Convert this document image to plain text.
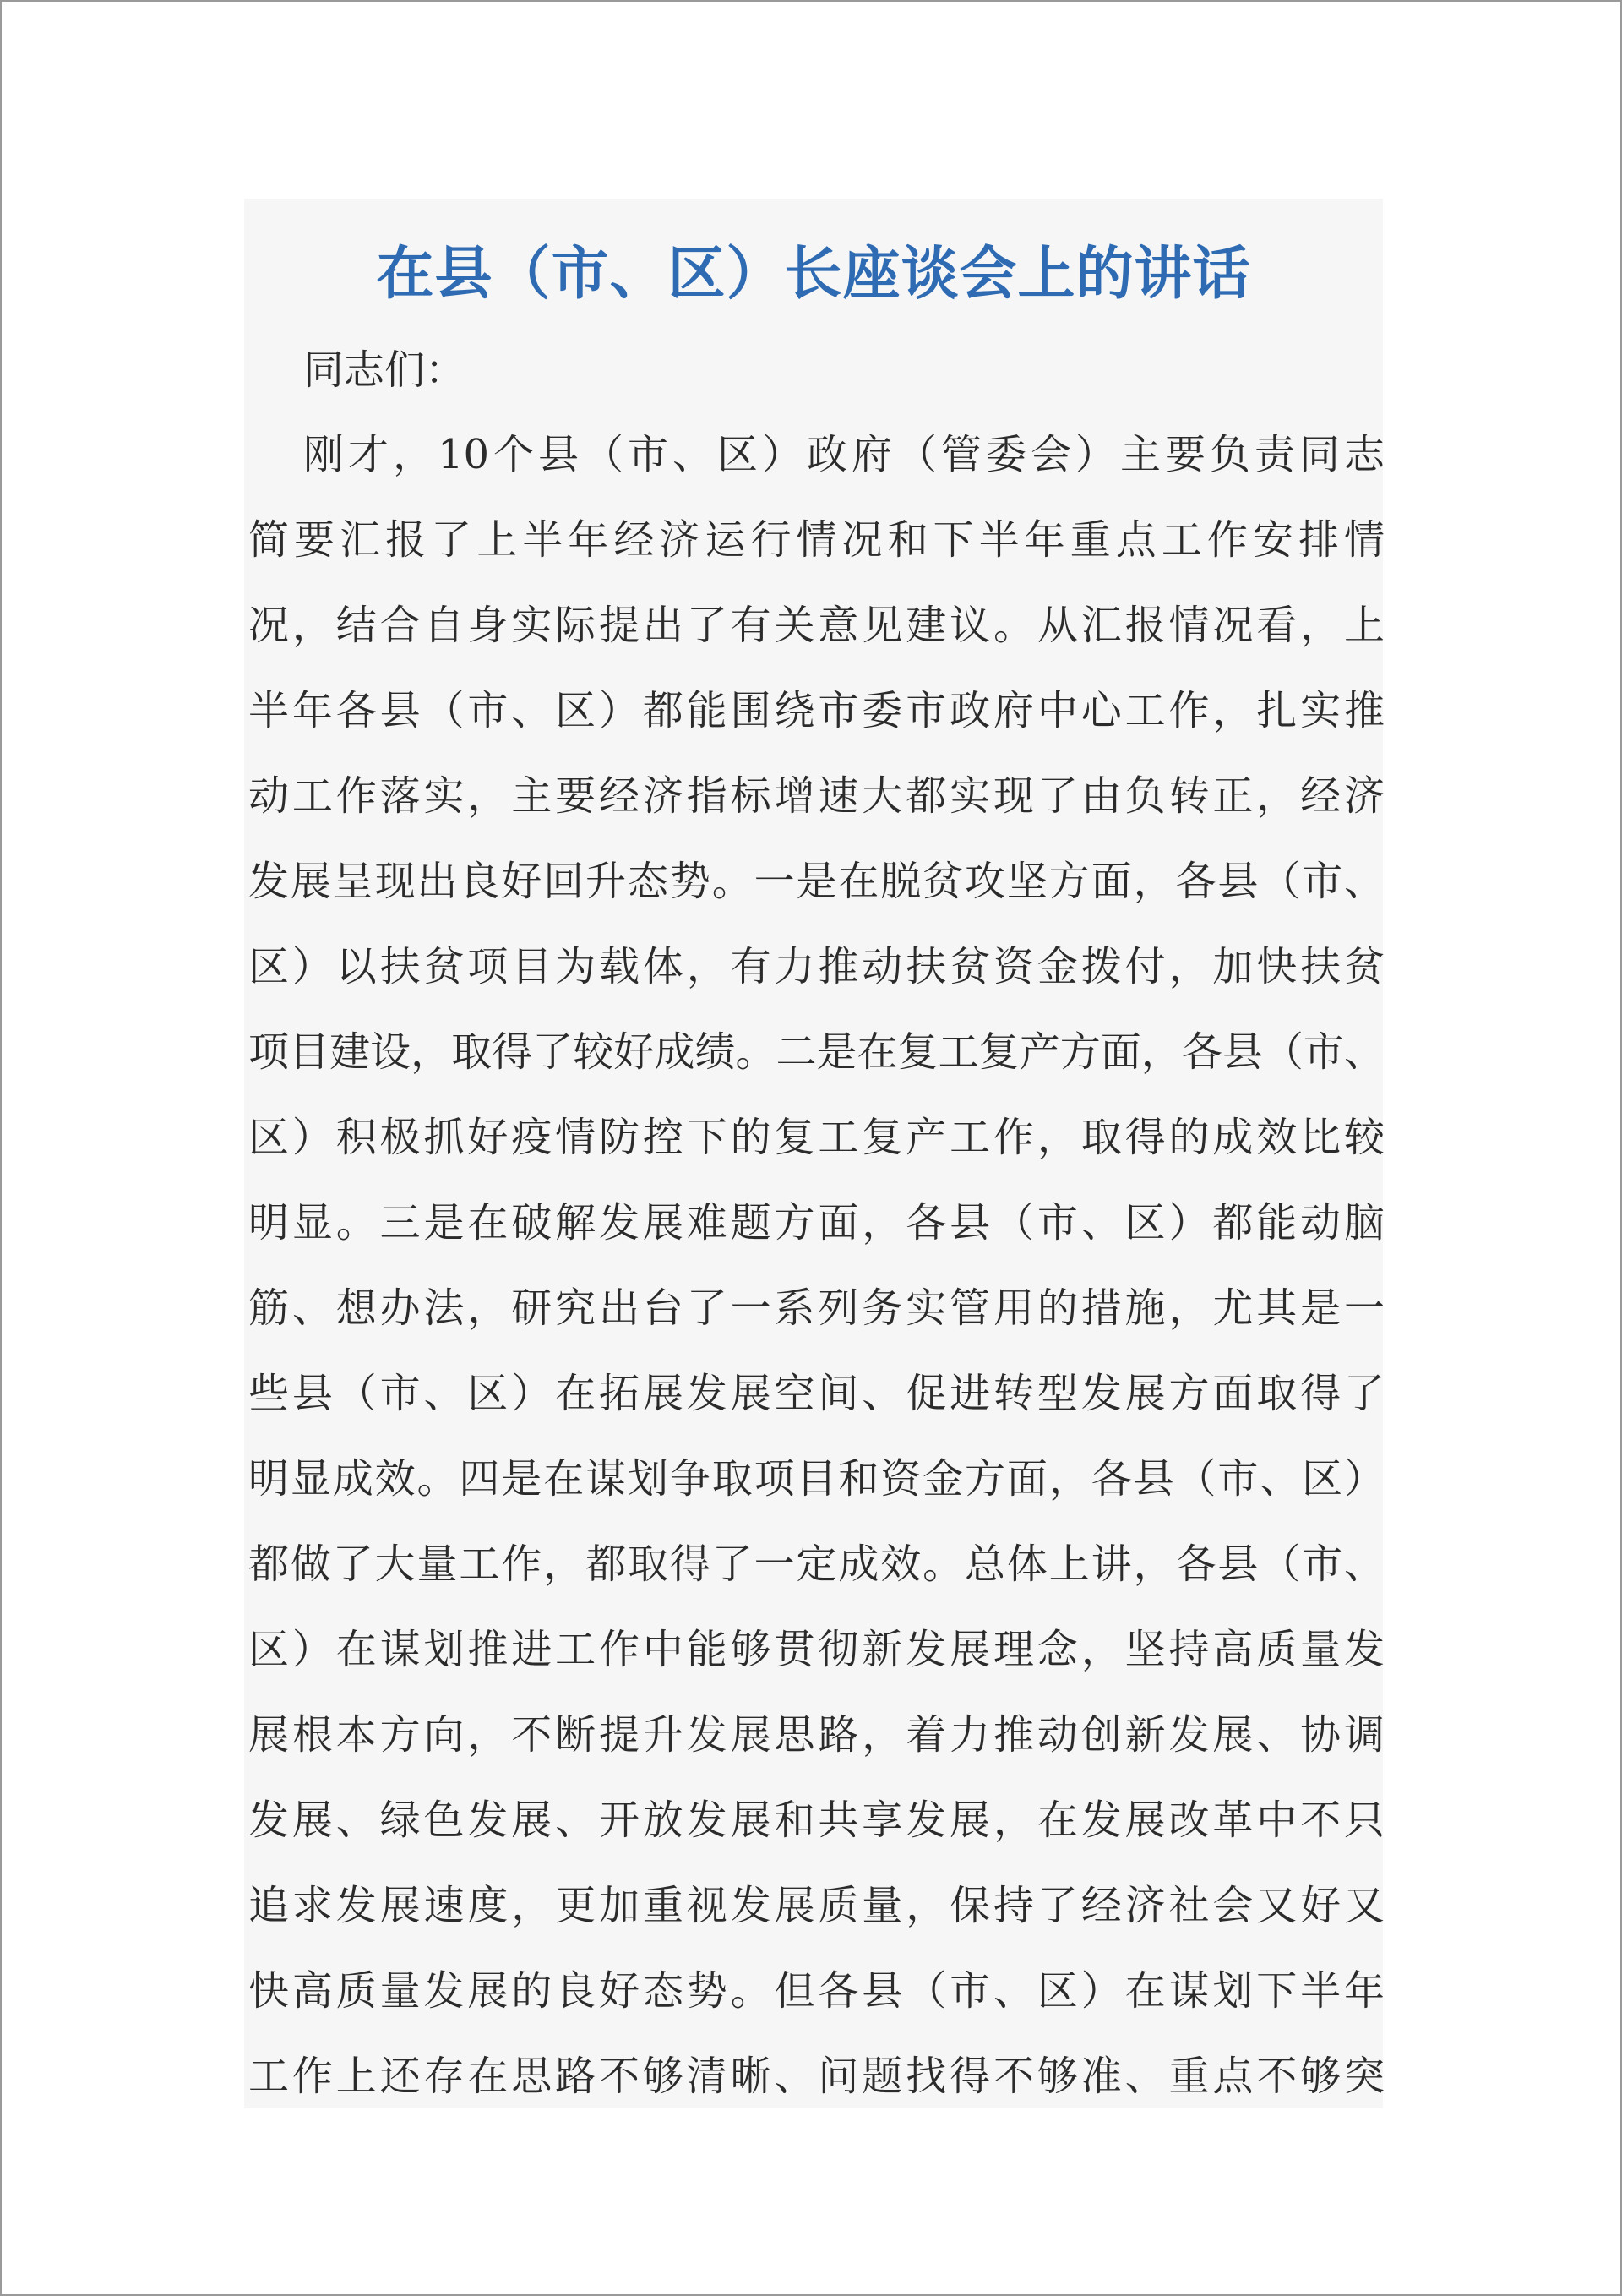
在县（市、区）长座谈会上的讲话
同志们：
刚才，10个县（市、区）政府（管委会）主要负责同志
简要汇报了上半年经济运行情况和下半年重点工作安排情
况，结合自身实际提出了有关意见建议。从汇报情况看，上
半年各县（市、区）都能围绕市委市政府中心工作，扎实推
动工作落实，主要经济指标增速大都实现了由负转正，经济
发展呈现出良好回升态势。一是在脱贫攻坚方面，各县（市、
区）以扶贫项目为载体，有力推动扶贫资金拨付，加快扶贫
项目建设，取得了较好成绩。二是在复工复产方面，各县（市、
区）积极抓好疫情防控下的复工复产工作，取得的成效比较
明显。三是在破解发展难题方面，各县（市、区）都能动脑
筋、想办法，研究出台了一系列务实管用的措施，尤其是一
些县（市、区）在拓展发展空间、促进转型发展方面取得了
明显成效。四是在谋划争取项目和资金方面，各县（市、区）
都做了大量工作，都取得了一定成效。总体上讲，各县（市、
区）在谋划推进工作中能够贯彻新发展理念，坚持高质量发
展根本方向，不断提升发展思路，着力推动创新发展、协调
发展、绿色发展、开放发展和共享发展，在发展改革中不只
追求发展速度，更加重视发展质量，保持了经济社会又好又
快高质量发展的良好态势。但各县（市、区）在谋划下半年
工作上还存在思路不够清晰、问题找得不够准、重点不够突
